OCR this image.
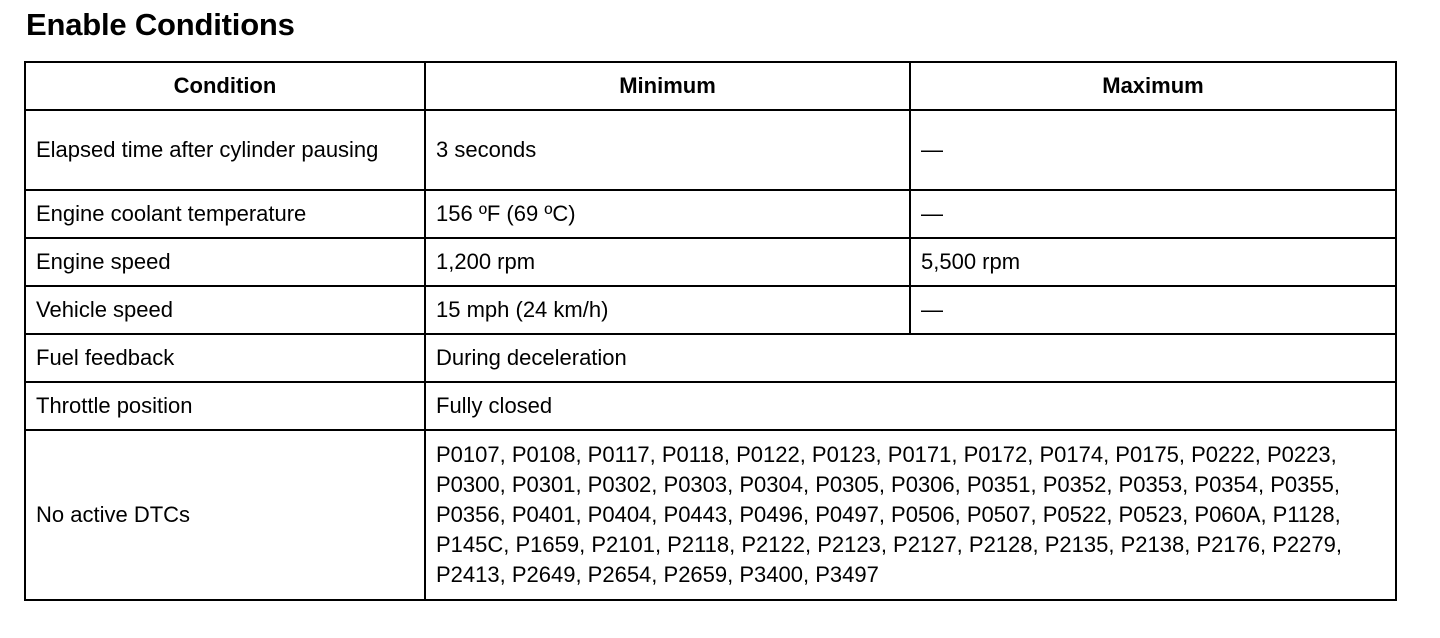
Enable Conditions
Condition	Minimum	Maximum
Elapsed time after cylinder pausing	3 seconds	—
Engine coolant temperature	156 ºF (69 ºC)	—
Engine speed	1,200 rpm	5,500 rpm
Vehicle speed	15 mph (24 km/h)	—
Fuel feedback	During deceleration	
Throttle position	Fully closed	
No active DTCs	P0107, P0108, P0117, P0118, P0122, P0123, P0171, P0172, P0174, P0175, P0222, P0223, P0300, P0301, P0302, P0303, P0304, P0305, P0306, P0351, P0352, P0353, P0354, P0355, P0356, P0401, P0404, P0443, P0496, P0497, P0506, P0507, P0522, P0523, P060A, P1128, P145C, P1659, P2101, P2118, P2122, P2123, P2127, P2128, P2135, P2138, P2176, P2279, P2413, P2649, P2654, P2659, P3400, P3497	
